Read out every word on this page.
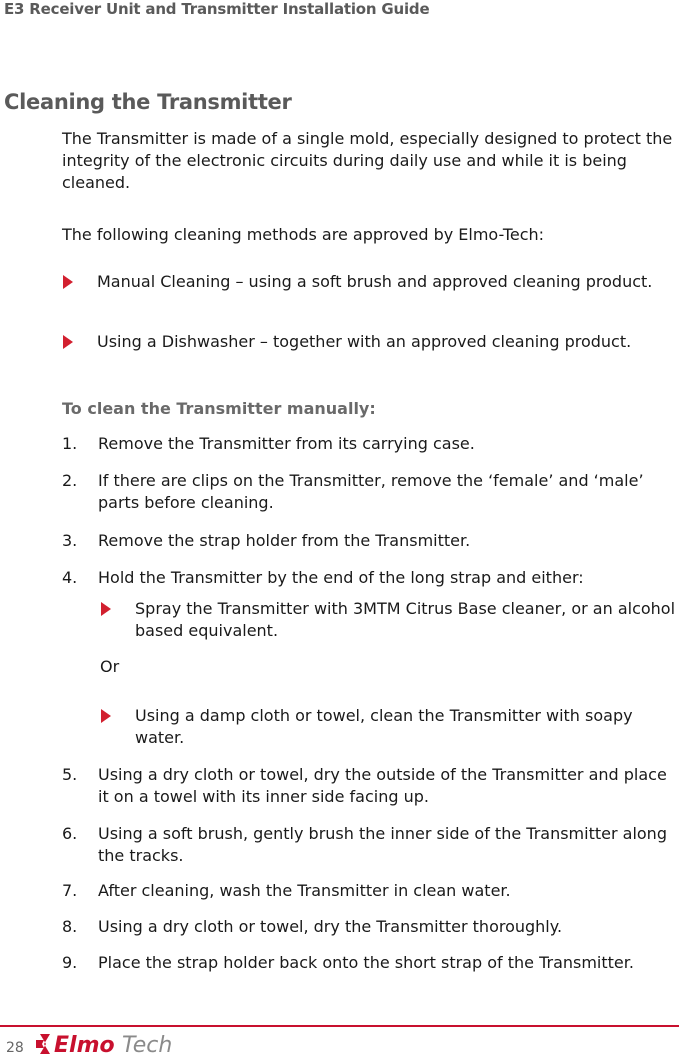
E3 Receiver Unit and Transmitter Installation Guide
Cleaning the Transmitter

The Transmitter is made of a single mold, especially designed to protect the integrity of the electronic circuits during daily use and while it is being cleaned.

The following cleaning methods are approved by Elmo-Tech:

Manual Cleaning – using a soft brush and approved cleaning product.
Using a Dishwasher – together with an approved cleaning product.
To clean the Transmitter manually:
1.	Remove the Transmitter from its carrying case.
2.	If there are clips on the Transmitter, remove the ‘female’ and ‘male’ parts before cleaning.
3.	Remove the strap holder from the Transmitter.
4.	Hold the Transmitter by the end of the long strap and either:
Spray the Transmitter with 3MTM Citrus Base cleaner, or an alcohol based equivalent.
Or
Using a damp cloth or towel, clean the Transmitter with soapy water.
5.	Using a dry cloth or towel, dry the outside of the Transmitter and place it on a towel with its inner side facing up.
6.	Using a soft brush, gently brush the inner side of the Transmitter along the tracks.
7.	After cleaning, wash the Transmitter in clean water.
8.	Using a dry cloth or towel, dry the Transmitter thoroughly.
9.	Place the strap holder back onto the short strap of the Transmitter.
28 Elmo Tech
